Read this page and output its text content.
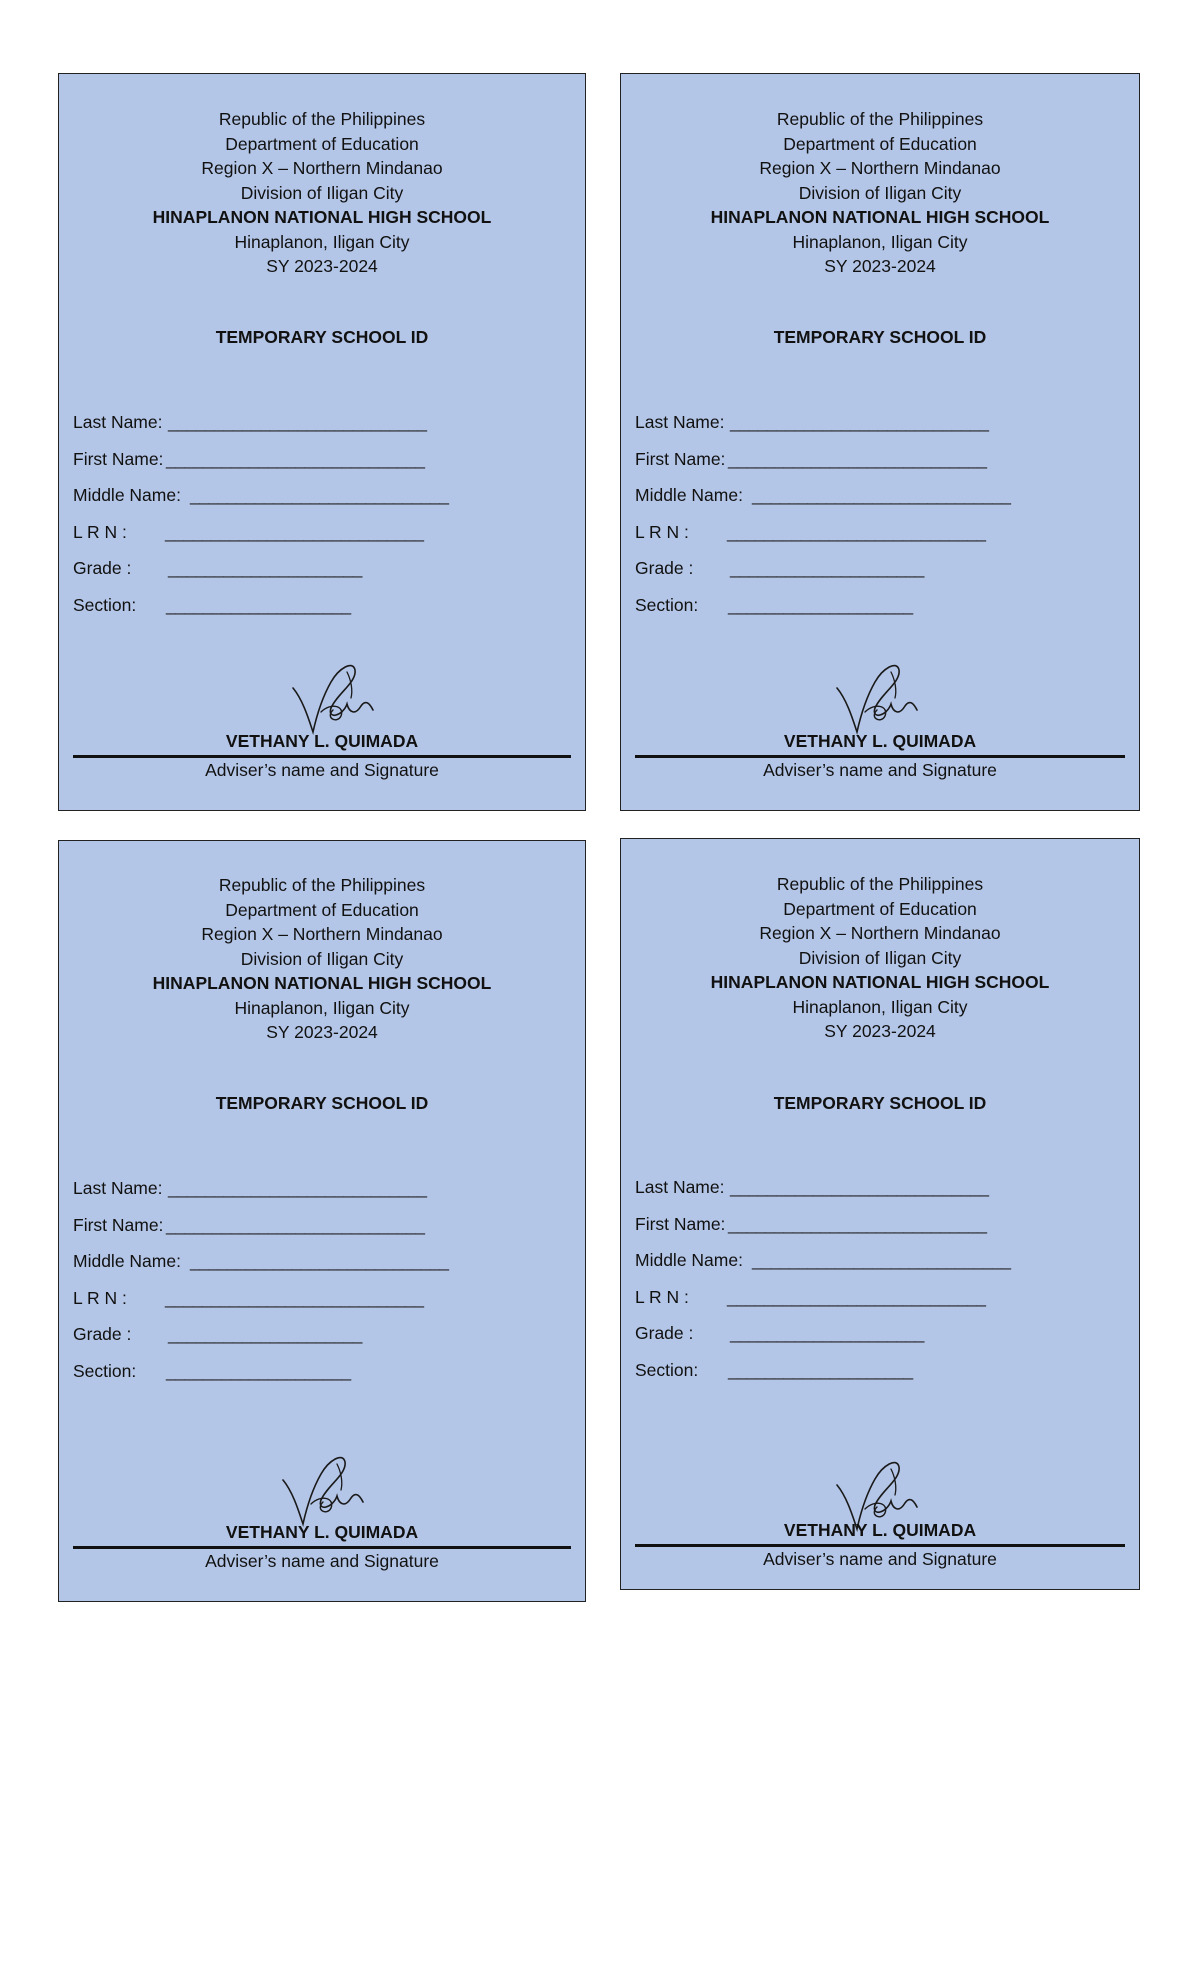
Republic of the Philippines
Department of Education
Region X – Northern Mindanao
Division of Iligan City
HINAPLANON NATIONAL HIGH SCHOOL
Hinaplanon, Iligan City
SY 2023-2024
TEMPORARY SCHOOL ID
Last Name: ____________________________
First Name: ____________________________
Middle Name: ____________________________
L R N : ____________________________
Grade : _____________________
Section: ____________________
VETHANY L. QUIMADA
Adviser’s name and Signature
Republic of the Philippines
Department of Education
Region X – Northern Mindanao
Division of Iligan City
HINAPLANON NATIONAL HIGH SCHOOL
Hinaplanon, Iligan City
SY 2023-2024
TEMPORARY SCHOOL ID
Last Name: ____________________________
First Name: ____________________________
Middle Name: ____________________________
L R N : ____________________________
Grade : _____________________
Section: ____________________
VETHANY L. QUIMADA
Adviser’s name and Signature
Republic of the Philippines
Department of Education
Region X – Northern Mindanao
Division of Iligan City
HINAPLANON NATIONAL HIGH SCHOOL
Hinaplanon, Iligan City
SY 2023-2024
TEMPORARY SCHOOL ID
Last Name: ____________________________
First Name: ____________________________
Middle Name: ____________________________
L R N : ____________________________
Grade : _____________________
Section: ____________________
VETHANY L. QUIMADA
Adviser’s name and Signature
Republic of the Philippines
Department of Education
Region X – Northern Mindanao
Division of Iligan City
HINAPLANON NATIONAL HIGH SCHOOL
Hinaplanon, Iligan City
SY 2023-2024
TEMPORARY SCHOOL ID
Last Name: ____________________________
First Name: ____________________________
Middle Name: ____________________________
L R N : ____________________________
Grade : _____________________
Section: ____________________
VETHANY L. QUIMADA
Adviser’s name and Signature
